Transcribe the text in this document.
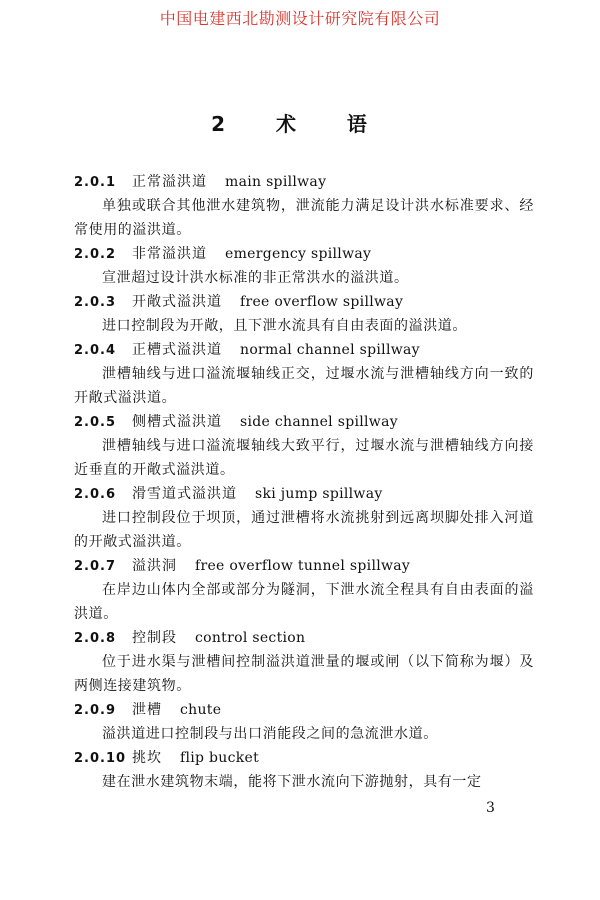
中国电建西北勘测设计研究院有限公司
2 术 语
2.0.1	正常溢洪道 main spillway

单独或联合其他泄水建筑物，泄流能力满足设计洪水标准要求、经常使用的溢洪道。

2.0.2	非常溢洪道 emergency spillway

宣泄超过设计洪水标准的非正常洪水的溢洪道。

2.0.3	开敞式溢洪道 free overflow spillway

进口控制段为开敞，且下泄水流具有自由表面的溢洪道。

2.0.4	正槽式溢洪道 normal channel spillway

泄槽轴线与进口溢流堰轴线正交，过堰水流与泄槽轴线方向一致的开敞式溢洪道。

2.0.5	侧槽式溢洪道 side channel spillway

泄槽轴线与进口溢流堰轴线大致平行，过堰水流与泄槽轴线方向接近垂直的开敞式溢洪道。

2.0.6	滑雪道式溢洪道 ski jump spillway

进口控制段位于坝顶，通过泄槽将水流挑射到远离坝脚处排入河道的开敞式溢洪道。

2.0.7	溢洪洞 free overflow tunnel spillway

在岸边山体内全部或部分为隧洞，下泄水流全程具有自由表面的溢洪道。

2.0.8	控制段 control section

位于进水渠与泄槽间控制溢洪道泄量的堰或闸（以下简称为堰）及两侧连接建筑物。

2.0.9	泄槽 chute

溢洪道进口控制段与出口消能段之间的急流泄水道。

2.0.10 挑坎 flip bucket

建在泄水建筑物末端，能将下泄水流向下游抛射，具有一定

3
